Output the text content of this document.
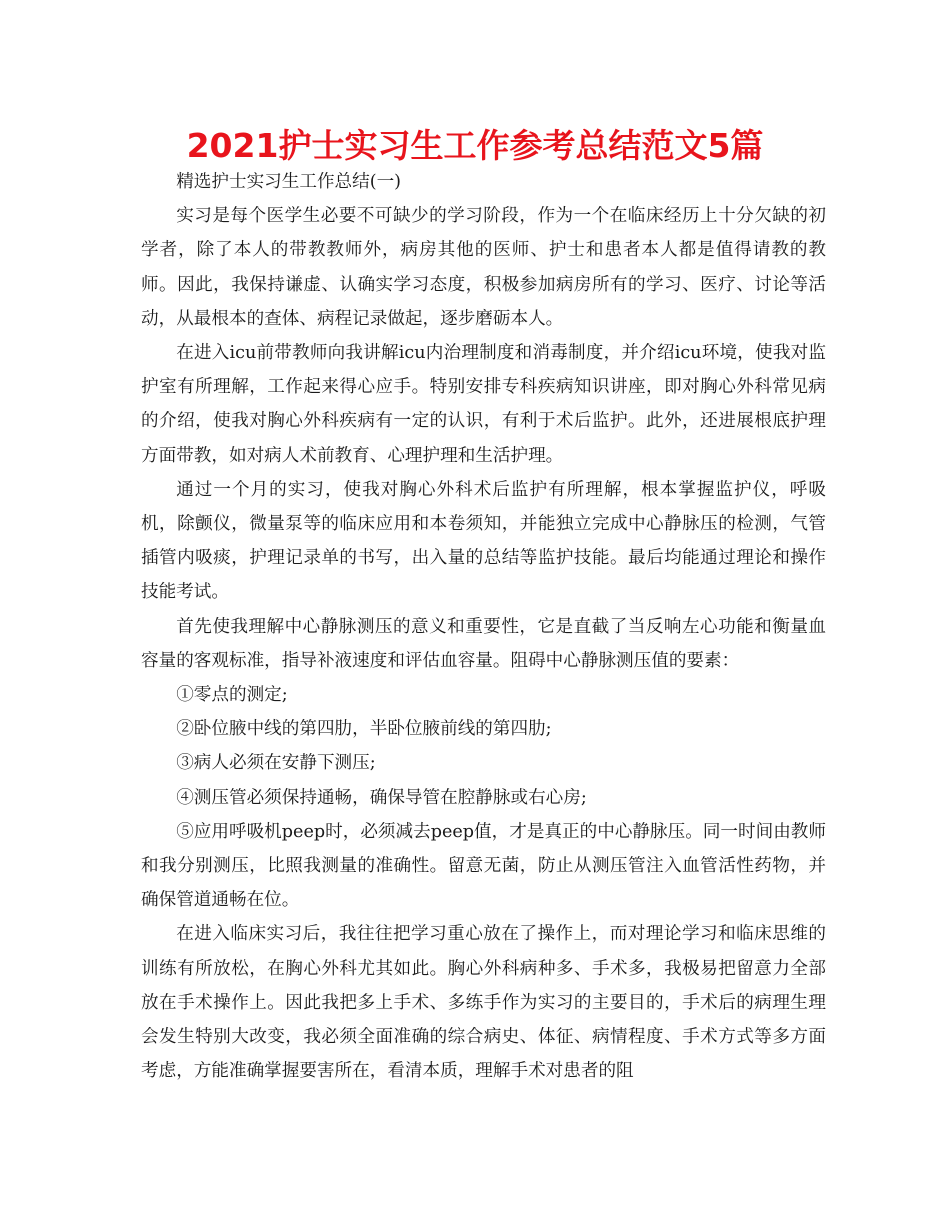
2021护士实习生工作参考总结范文5篇

精选护士实习生工作总结(一)

实习是每个医学生必要不可缺少的学习阶段，作为一个在临床经历上十分欠缺的初学者，除了本人的带教教师外，病房其他的医师、护士和患者本人都是值得请教的教师。因此，我保持谦虚、认确实学习态度，积极参加病房所有的学习、医疗、讨论等活动，从最根本的查体、病程记录做起，逐步磨砺本人。

在进入icu前带教师向我讲解icu内治理制度和消毒制度，并介绍icu环境，使我对监护室有所理解，工作起来得心应手。特别安排专科疾病知识讲座，即对胸心外科常见病的介绍，使我对胸心外科疾病有一定的认识，有利于术后监护。此外，还进展根底护理方面带教，如对病人术前教育、心理护理和生活护理。

通过一个月的实习，使我对胸心外科术后监护有所理解，根本掌握监护仪，呼吸机，除颤仪，微量泵等的临床应用和本卷须知，并能独立完成中心静脉压的检测，气管插管内吸痰，护理记录单的书写，出入量的总结等监护技能。最后均能通过理论和操作技能考试。

首先使我理解中心静脉测压的意义和重要性，它是直截了当反响左心功能和衡量血容量的客观标准，指导补液速度和评估血容量。阻碍中心静脉测压值的要素：

①零点的测定;

②卧位腋中线的第四肋，半卧位腋前线的第四肋;

③病人必须在安静下测压;

④测压管必须保持通畅，确保导管在腔静脉或右心房;

⑤应用呼吸机peep时，必须减去peep值，才是真正的中心静脉压。同一时间由教师和我分别测压，比照我测量的准确性。留意无菌，防止从测压管注入血管活性药物，并确保管道通畅在位。

在进入临床实习后，我往往把学习重心放在了操作上，而对理论学习和临床思维的训练有所放松，在胸心外科尤其如此。胸心外科病种多、手术多，我极易把留意力全部放在手术操作上。因此我把多上手术、多练手作为实习的主要目的，手术后的病理生理会发生特别大改变，我必须全面准确的综合病史、体征、病情程度、手术方式等多方面考虑，方能准确掌握要害所在，看清本质，理解手术对患者的阻
